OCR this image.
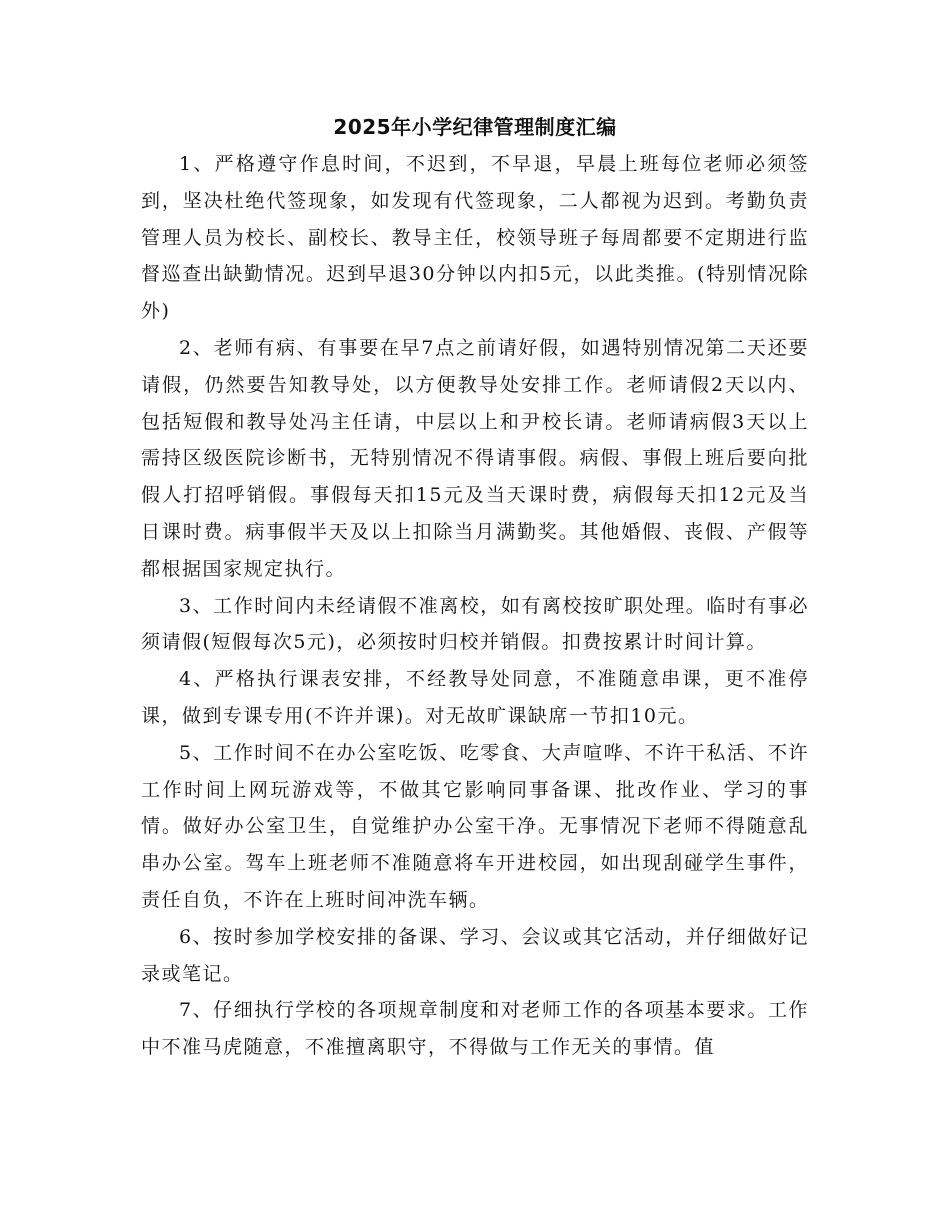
2025年小学纪律管理制度汇编

1、严格遵守作息时间，不迟到，不早退，早晨上班每位老师必须签到，坚决杜绝代签现象，如发现有代签现象，二人都视为迟到。考勤负责管理人员为校长、副校长、教导主任，校领导班子每周都要不定期进行监督巡查出缺勤情况。迟到早退30分钟以内扣5元，以此类推。(特别情况除外)

2、老师有病、有事要在早7点之前请好假，如遇特别情况第二天还要请假，仍然要告知教导处，以方便教导处安排工作。老师请假2天以内、包括短假和教导处冯主任请，中层以上和尹校长请。老师请病假3天以上需持区级医院诊断书，无特别情况不得请事假。病假、事假上班后要向批假人打招呼销假。事假每天扣15元及当天课时费，病假每天扣12元及当日课时费。病事假半天及以上扣除当月满勤奖。其他婚假、丧假、产假等都根据国家规定执行。

3、工作时间内未经请假不准离校，如有离校按旷职处理。临时有事必须请假(短假每次5元)，必须按时归校并销假。扣费按累计时间计算。

4、严格执行课表安排，不经教导处同意，不准随意串课，更不准停课，做到专课专用(不许并课)。对无故旷课缺席一节扣10元。

5、工作时间不在办公室吃饭、吃零食、大声喧哗、不许干私活、不许工作时间上网玩游戏等，不做其它影响同事备课、批改作业、学习的事情。做好办公室卫生，自觉维护办公室干净。无事情况下老师不得随意乱串办公室。驾车上班老师不准随意将车开进校园，如出现刮碰学生事件，责任自负，不许在上班时间冲洗车辆。

6、按时参加学校安排的备课、学习、会议或其它活动，并仔细做好记录或笔记。

7、仔细执行学校的各项规章制度和对老师工作的各项基本要求。工作中不准马虎随意，不准擅离职守，不得做与工作无关的事情。值
